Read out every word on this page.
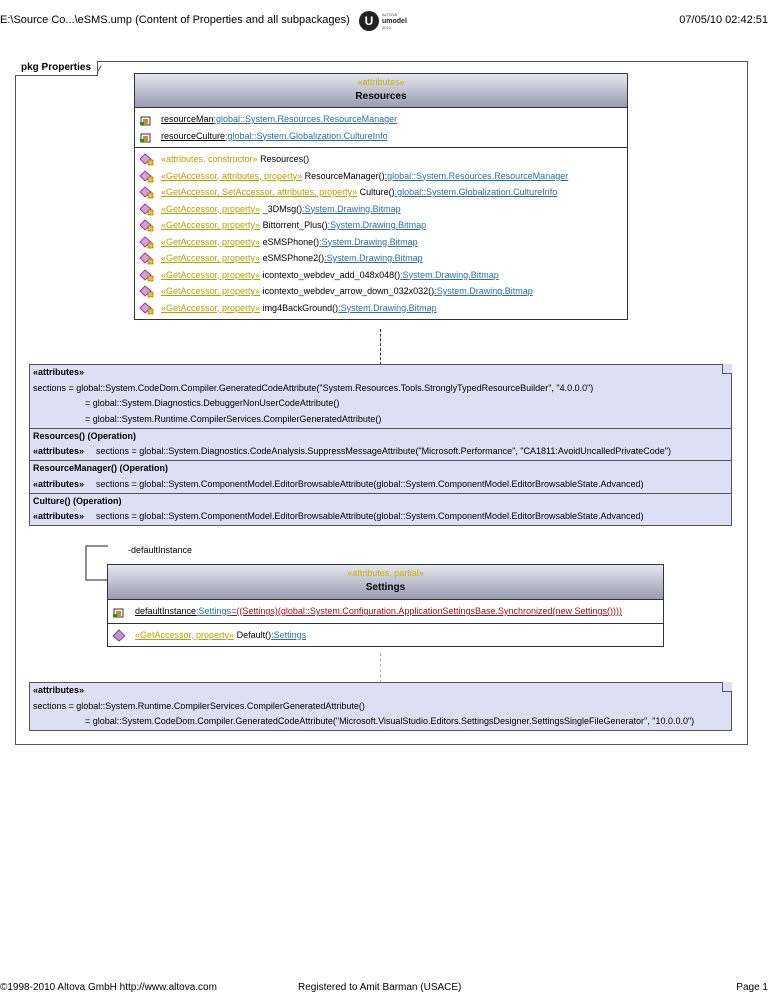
E:\Source Co...\eSMS.ump (Content of Properties and all subpackages) U ALTOVA
umodel
2010
07/05/10 02:42:51
pkg Properties
«attributes»
Resources
resourceMan:global::System.Resources.ResourceManager
resourceCulture:global::System.Globalization.CultureInfo
«attributes, constructor» Resources()
«GetAccessor, attributes, property» ResourceManager():global::System.Resources.ResourceManager
«GetAccessor, SetAccessor, attributes, property» Culture():global::System.Globalization.CultureInfo
«GetAccessor, property» _3DMsg():System.Drawing.Bitmap
«GetAccessor, property» Bittorrent_Plus():System.Drawing.Bitmap
«GetAccessor, property» eSMSPhone():System.Drawing.Bitmap
«GetAccessor, property» eSMSPhone2():System.Drawing.Bitmap
«GetAccessor, property» icontexto_webdev_add_048x048():System.Drawing.Bitmap
«GetAccessor, property» icontexto_webdev_arrow_down_032x032():System.Drawing.Bitmap
«GetAccessor, property» img4BackGround():System.Drawing.Bitmap
«attributes»
sections = global::System.CodeDom.Compiler.GeneratedCodeAttribute("System.Resources.Tools.StronglyTypedResourceBuilder", "4.0.0.0")
= global::System.Diagnostics.DebuggerNonUserCodeAttribute()
= global::System.Runtime.CompilerServices.CompilerGeneratedAttribute()
Resources() (Operation)
«attributes» sections = global::System.Diagnostics.CodeAnalysis.SuppressMessageAttribute("Microsoft.Performance", "CA1811:AvoidUncalledPrivateCode")
ResourceManager() (Operation)
«attributes» sections = global::System.ComponentModel.EditorBrowsableAttribute(global::System.ComponentModel.EditorBrowsableState.Advanced)
Culture() (Operation)
«attributes» sections = global::System.ComponentModel.EditorBrowsableAttribute(global::System.ComponentModel.EditorBrowsableState.Advanced)
-defaultInstance
«attributes, partial»
Settings
defaultInstance:Settings=((Settings)(global::System.Configuration.ApplicationSettingsBase.Synchronized(new Settings())))
«GetAccessor, property» Default():Settings
«attributes»
sections = global::System.Runtime.CompilerServices.CompilerGeneratedAttribute()
= global::System.CodeDom.Compiler.GeneratedCodeAttribute("Microsoft.VisualStudio.Editors.SettingsDesigner.SettingsSingleFileGenerator", "10.0.0.0")
©1998-2010 Altova GmbH http://www.altova.com	Registered to Amit Barman (USACE)	Page 1
